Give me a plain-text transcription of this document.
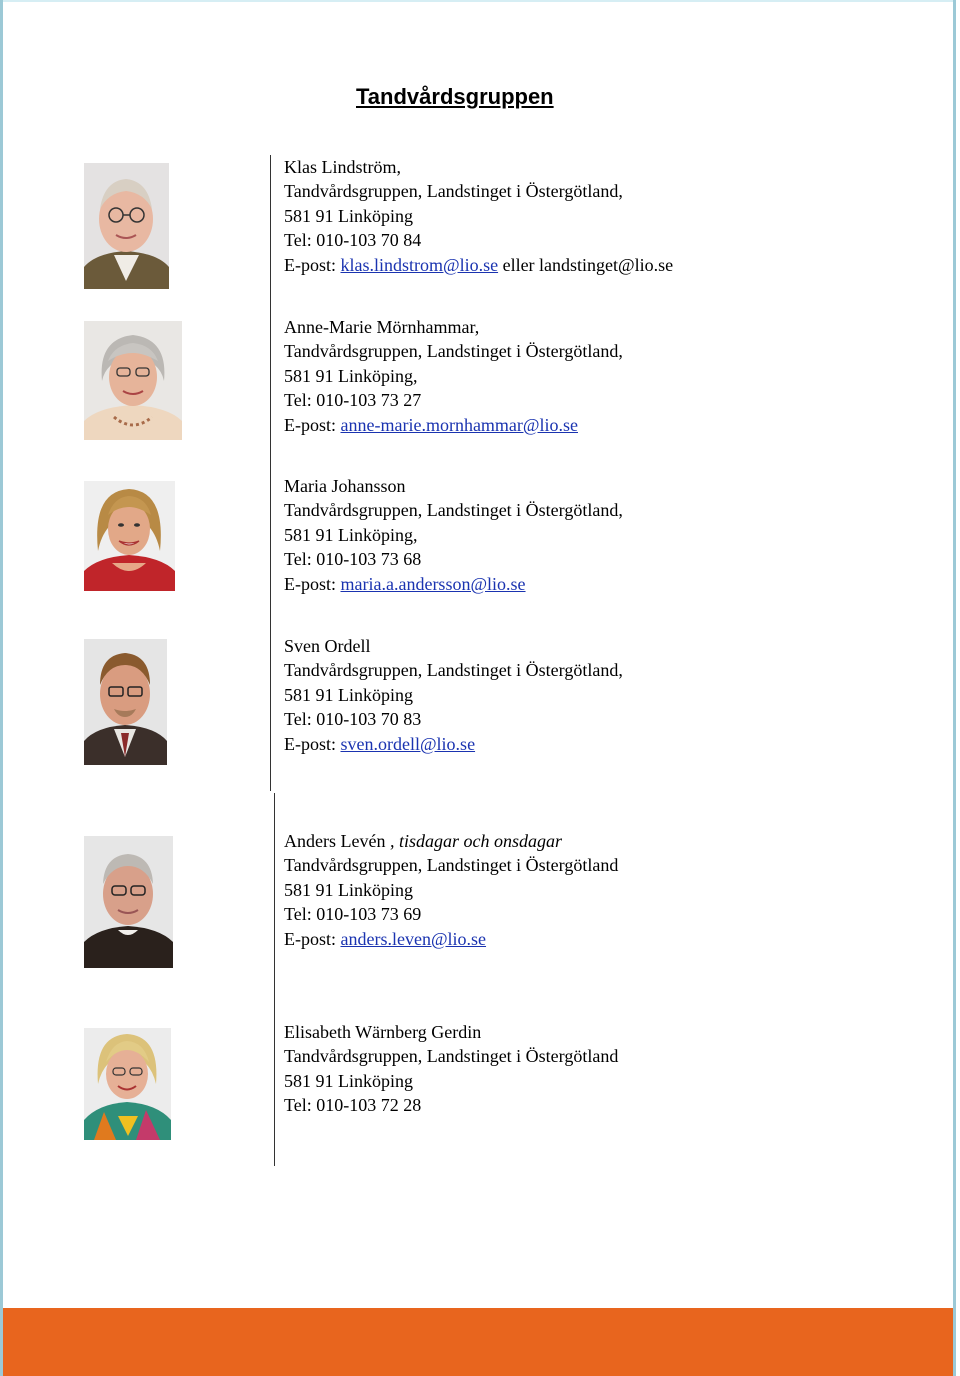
Tandvårdsgruppen
Klas Lindström,
Tandvårdsgruppen, Landstinget i Östergötland,
581 91 Linköping
Tel: 010-103 70 84
E-post: klas.lindstrom@lio.se eller landstinget@lio.se
Anne-Marie Mörnhammar,
Tandvårdsgruppen, Landstinget i Östergötland,
581 91 Linköping,
Tel: 010-103 73 27
E-post: anne-marie.mornhammar@lio.se
Maria Johansson
Tandvårdsgruppen, Landstinget i Östergötland,
581 91 Linköping,
Tel: 010-103 73 68
E-post: maria.a.andersson@lio.se
Sven Ordell
Tandvårdsgruppen, Landstinget i Östergötland,
581 91 Linköping
Tel: 010-103 70 83
E-post: sven.ordell@lio.se
Anders Levén , tisdagar och onsdagar
Tandvårdsgruppen, Landstinget i Östergötland
581 91 Linköping
Tel: 010-103 73 69
E-post: anders.leven@lio.se
Elisabeth Wärnberg Gerdin
Tandvårdsgruppen, Landstinget i Östergötland
581 91 Linköping
Tel: 010-103 72 28
